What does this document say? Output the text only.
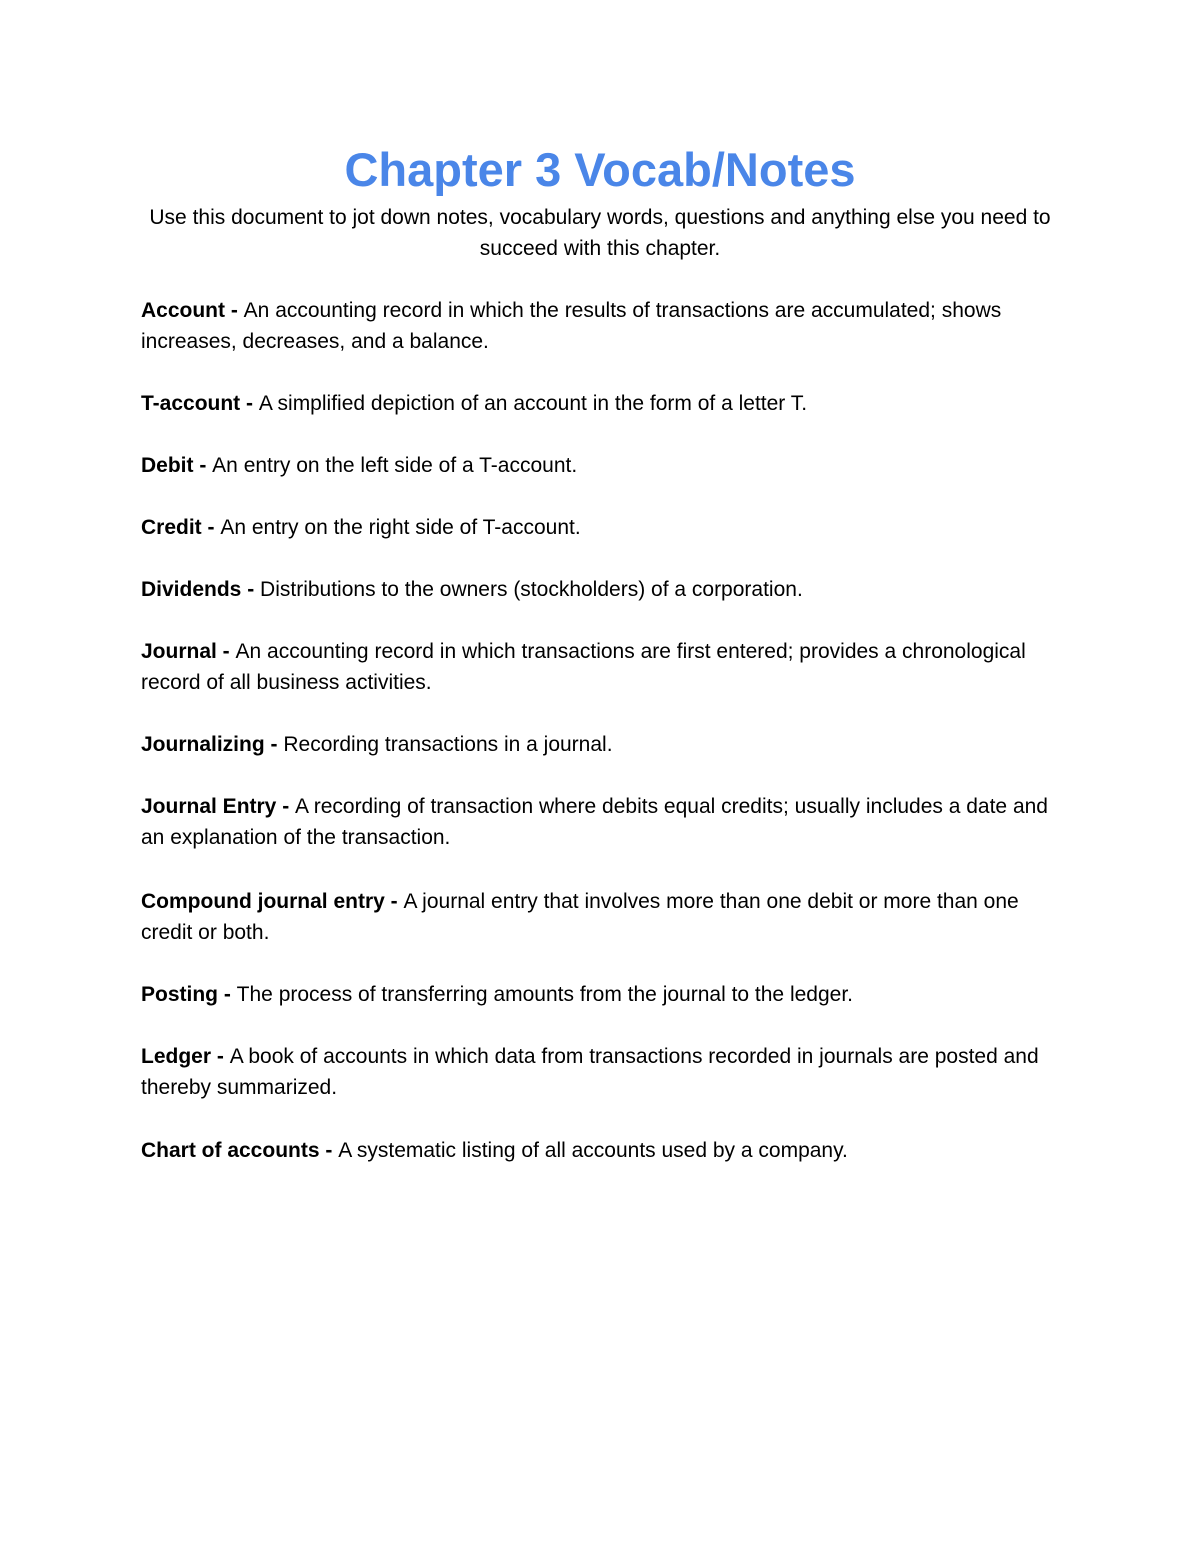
Chapter 3 Vocab/Notes

Use this document to jot down notes, vocabulary words, questions and anything else you need to succeed with this chapter.

Account - An accounting record in which the results of transactions are accumulated; shows increases, decreases, and a balance.

T-account - A simplified depiction of an account in the form of a letter T.

Debit - An entry on the left side of a T-account.

Credit - An entry on the right side of T-account.

Dividends - Distributions to the owners (stockholders) of a corporation.

Journal - An accounting record in which transactions are first entered; provides a chronological record of all business activities.

Journalizing - Recording transactions in a journal.

Journal Entry - A recording of transaction where debits equal credits; usually includes a date and an explanation of the transaction.

Compound journal entry - A journal entry that involves more than one debit or more than one credit or both.

Posting - The process of transferring amounts from the journal to the ledger.

Ledger - A book of accounts in which data from transactions recorded in journals are posted and thereby summarized.

Chart of accounts - A systematic listing of all accounts used by a company.
